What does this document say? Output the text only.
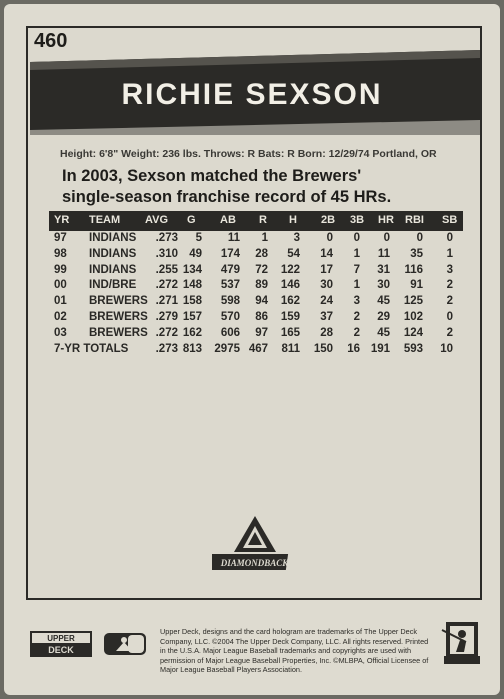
460
RICHIE SEXSON
Height: 6'8" Weight: 236 lbs. Throws: R Bats: R Born: 12/29/74 Portland, OR
In 2003, Sexson matched the Brewers'
single-season franchise record of 45 HRs.
YR TEAM AVG G AB R H 2B 3B HR RBI SB
97 INDIANS	.273	5	11	1	3	0	0	0	0	0
98 INDIANS	.310 49	174	28	54	14	1	11	35	1
99 INDIANS	.255 134	479	72	122	17	7	31	116	3
00 IND/BRE	.272 148	537	89	146	30	1	30	91	2
01 BREWERS .271 158	598	94	162	24	3	45	125	2
02 BREWERS .279 157	570	86	159	37	2	29	102	0
03 BREWERS .272 162	606	97	165	28	2	45	124	2
7-YR TOTALS	.273 813	2975 467	811	150	16 191	593	10
DIAMONDBACKS
UPPER
DECK
Upper Deck, designs and the card hologram are trademarks of The Upper Deck Company, LLC. ©2004 The Upper Deck Company, LLC. All rights reserved. Printed in the U.S.A. Major League Baseball trademarks and copyrights are used with permission of Major League Baseball Properties, Inc. ©MLBPA, Official Licensee of Major League Baseball Players Association.
